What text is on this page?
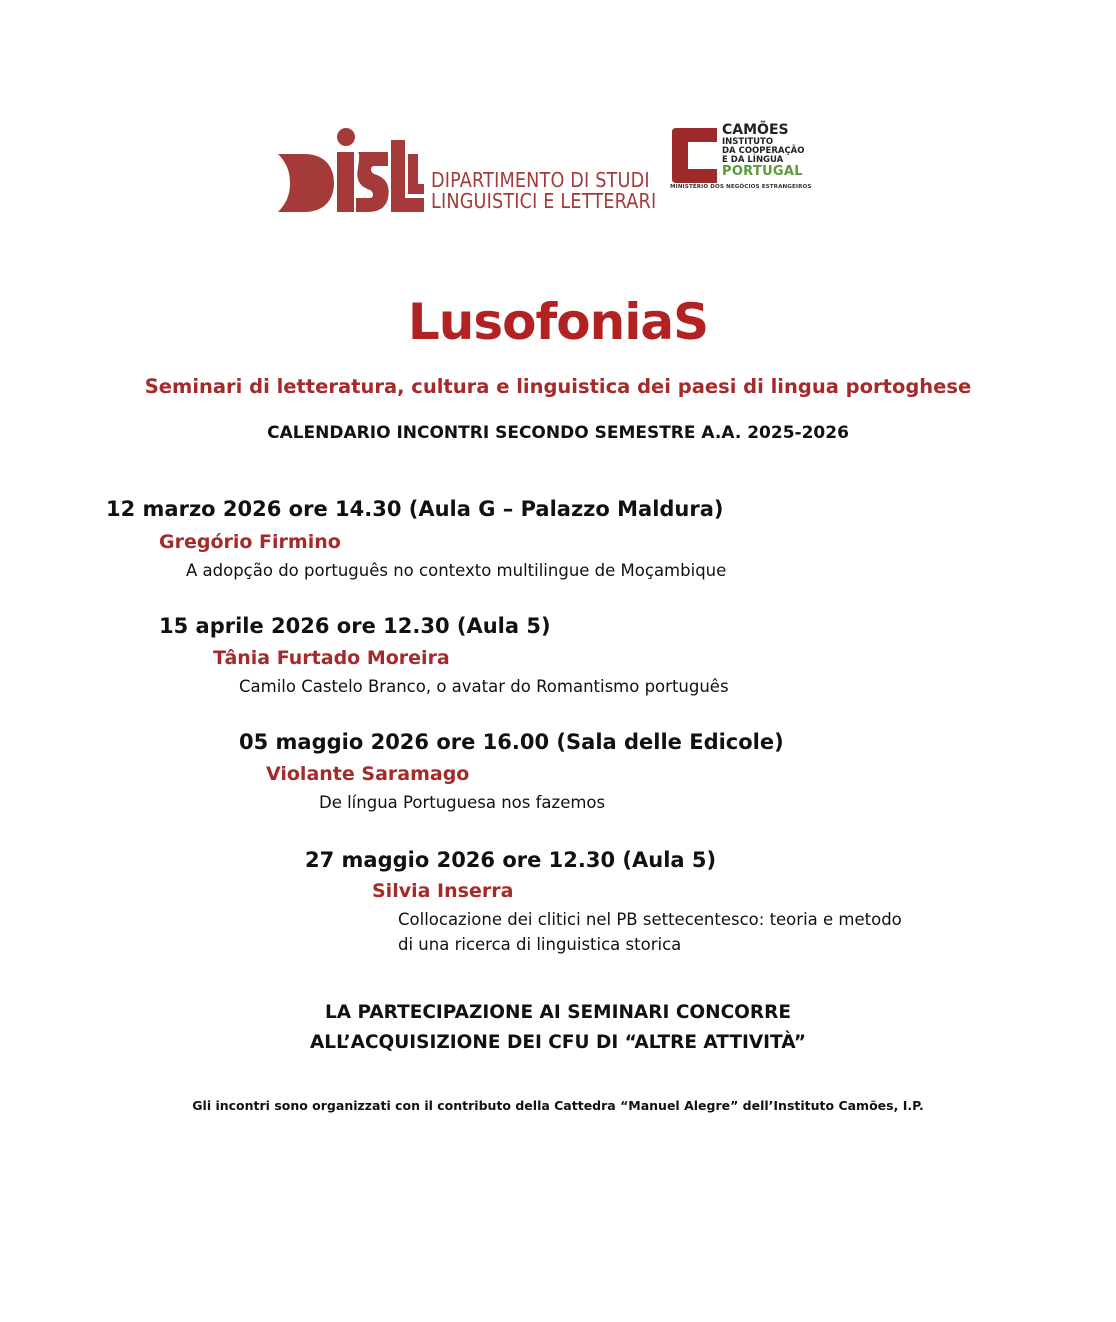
DIPARTIMENTO DI STUDI
LINGUISTICI E LETTERARI
CAMÕES
INSTITUTO
DA COOPERAÇÃO
E DA LÍNGUA
PORTUGAL
MINISTÉRIO DOS NEGÓCIOS ESTRANGEIROS
LusofoniaS
Seminari di letteratura, cultura e linguistica dei paesi di lingua portoghese
CALENDARIO INCONTRI SECONDO SEMESTRE A.A. 2025-2026
12 marzo 2026 ore 14.30 (Aula G – Palazzo Maldura)
Gregório Firmino
A adopção do português no contexto multilingue de Moçambique
15 aprile 2026 ore 12.30 (Aula 5)
Tânia Furtado Moreira
Camilo Castelo Branco, o avatar do Romantismo português
05 maggio 2026 ore 16.00 (Sala delle Edicole)
Violante Saramago
De língua Portuguesa nos fazemos
27 maggio 2026 ore 12.30 (Aula 5)
Silvia Inserra
Collocazione dei clitici nel PB settecentesco: teoria e metodo
di una ricerca di linguistica storica
LA PARTECIPAZIONE AI SEMINARI CONCORRE
ALL’ACQUISIZIONE DEI CFU DI “ALTRE ATTIVITÀ”
Gli incontri sono organizzati con il contributo della Cattedra “Manuel Alegre” dell’Instituto Camões, I.P.
